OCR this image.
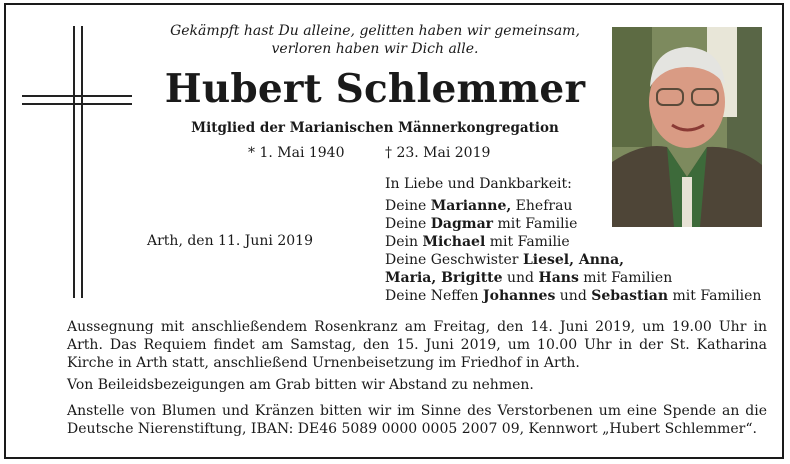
Gekämpft hast Du alleine, gelitten haben wir gemeinsam,
verloren haben wir Dich alle.
Hubert Schlemmer
Mitglied der Marianischen Männerkongregation
* 1. Mai 1940	† 23. Mai 2019
Arth, den 11. Juni 2019
In Liebe und Dankbarkeit:
Deine Marianne, Ehefrau
Deine Dagmar mit Familie
Dein Michael mit Familie
Deine Geschwister Liesel, Anna,
Maria, Brigitte und Hans mit Familien
Deine Neffen Johannes und Sebastian mit Familien
Aussegnung mit anschließendem Rosenkranz am Freitag, den 14. Juni 2019, um 19.00 Uhr in Arth. Das Requiem findet am Samstag, den 15. Juni 2019, um 10.00 Uhr in der St. Katharina Kirche in Arth statt, anschließend Urnenbeisetzung im Friedhof in Arth.
Von Beileidsbezeigungen am Grab bitten wir Abstand zu nehmen.
Anstelle von Blumen und Kränzen bitten wir im Sinne des Verstorbenen um eine Spende an die Deutsche Nierenstiftung, IBAN: DE46 5089 0000 0005 2007 09, Kennwort „Hubert Schlemmer“.
